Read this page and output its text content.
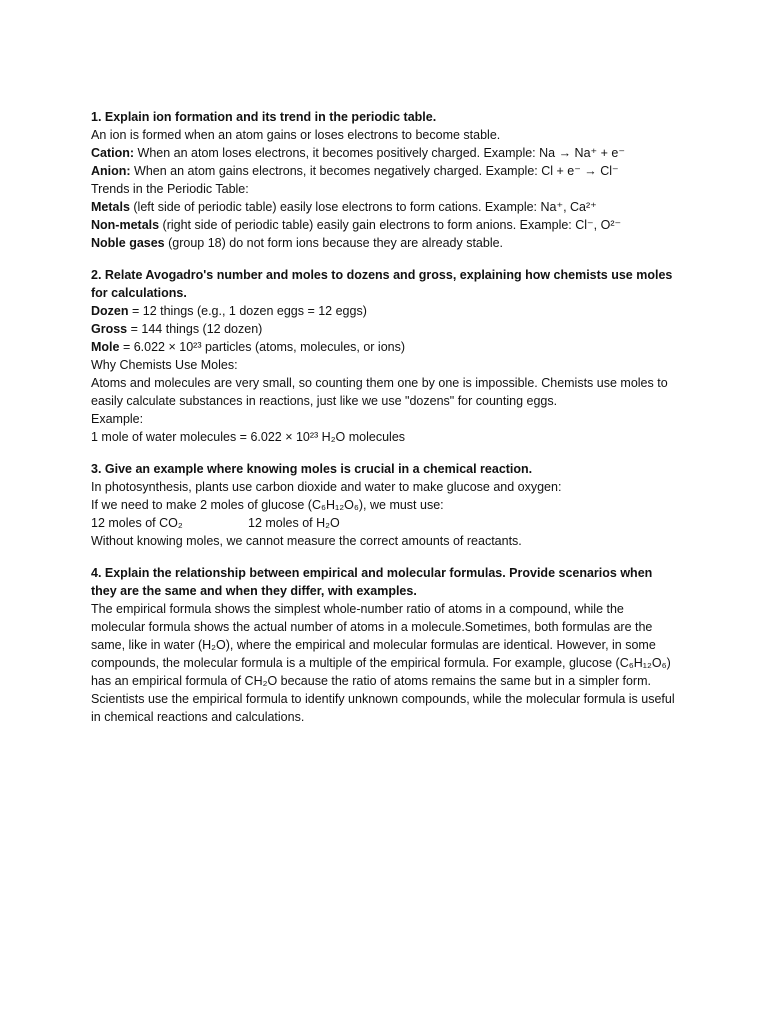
1. Explain ion formation and its trend in the periodic table.
An ion is formed when an atom gains or loses electrons to become stable.
Cation: When an atom loses electrons, it becomes positively charged. Example: Na → Na⁺ + e⁻
Anion: When an atom gains electrons, it becomes negatively charged. Example: Cl + e⁻ → Cl⁻
Trends in the Periodic Table:
Metals (left side of periodic table) easily lose electrons to form cations. Example: Na⁺, Ca²⁺
Non-metals (right side of periodic table) easily gain electrons to form anions. Example: Cl⁻, O²⁻
Noble gases (group 18) do not form ions because they are already stable.
2. Relate Avogadro's number and moles to dozens and gross, explaining how chemists use moles for calculations.
Dozen = 12 things (e.g., 1 dozen eggs = 12 eggs)
Gross = 144 things (12 dozen)
Mole = 6.022 × 10²³ particles (atoms, molecules, or ions)
Why Chemists Use Moles:
Atoms and molecules are very small, so counting them one by one is impossible. Chemists use moles to easily calculate substances in reactions, just like we use "dozens" for counting eggs.
Example:
1 mole of water molecules = 6.022 × 10²³ H₂O molecules
3. Give an example where knowing moles is crucial in a chemical reaction.
In photosynthesis, plants use carbon dioxide and water to make glucose and oxygen:
If we need to make 2 moles of glucose (C₆H₁₂O₆), we must use:
12 moles of CO₂	12 moles of H₂O
Without knowing moles, we cannot measure the correct amounts of reactants.
4. Explain the relationship between empirical and molecular formulas. Provide scenarios when they are the same and when they differ, with examples.
The empirical formula shows the simplest whole-number ratio of atoms in a compound, while the molecular formula shows the actual number of atoms in a molecule.Sometimes, both formulas are the same, like in water (H₂O), where the empirical and molecular formulas are identical. However, in some compounds, the molecular formula is a multiple of the empirical formula. For example, glucose (C₆H₁₂O₆) has an empirical formula of CH₂O because the ratio of atoms remains the same but in a simpler form. Scientists use the empirical formula to identify unknown compounds, while the molecular formula is useful in chemical reactions and calculations.
